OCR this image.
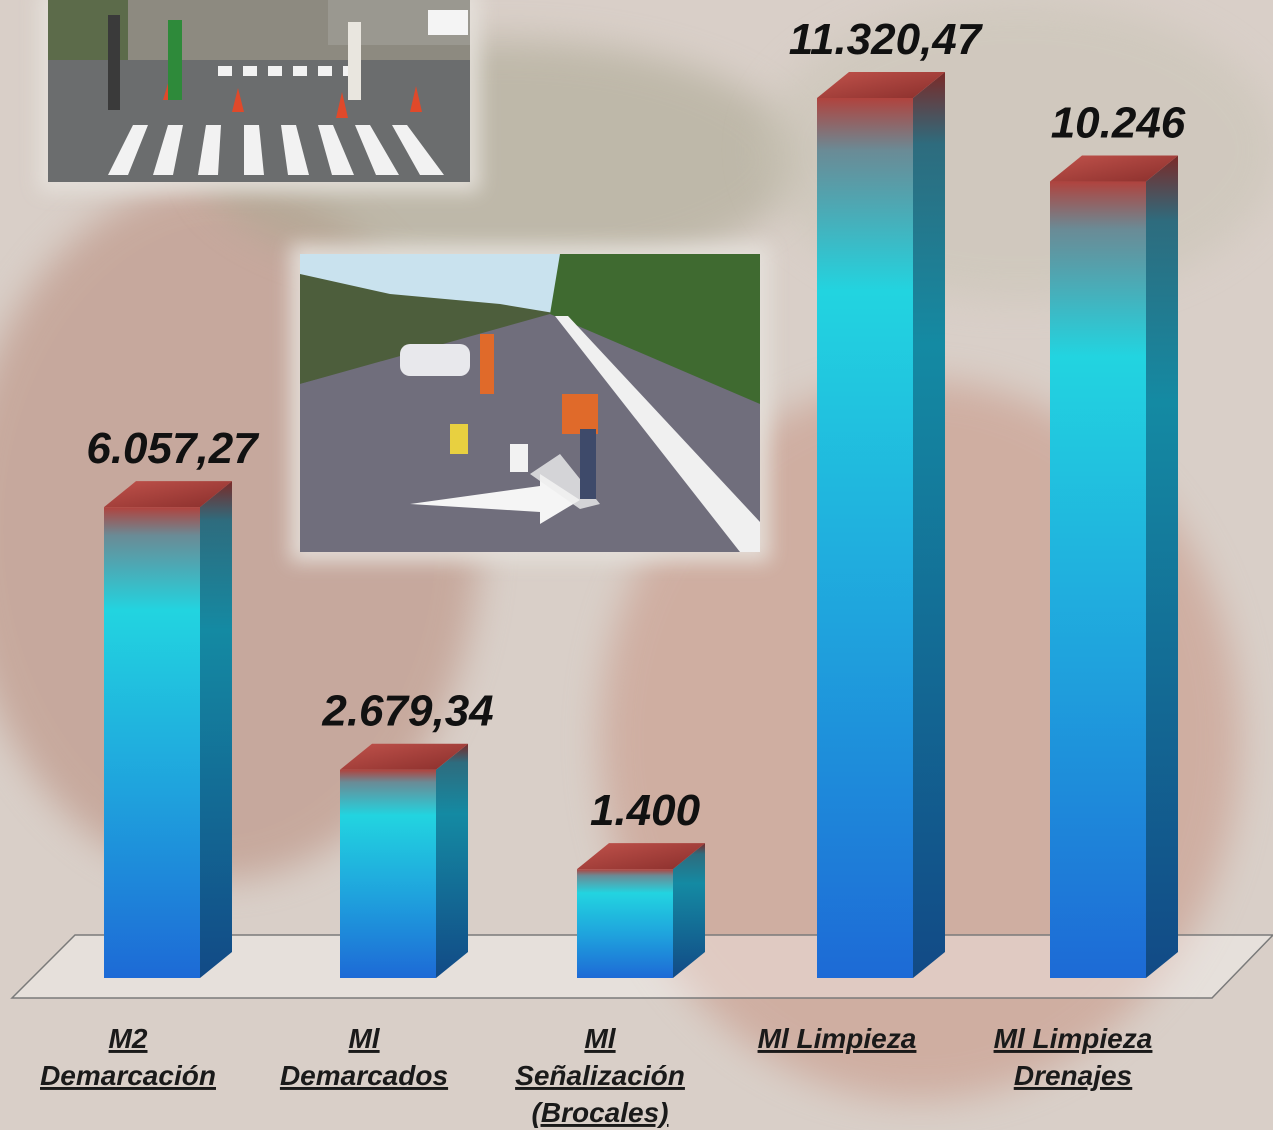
6.057,27
2.679,34
1.400
11.320,47
10.246
M2 Demarcación
Ml Demarcados
Ml Señalización (Brocales)
Ml Limpieza	Ml Limpieza Drenajes
